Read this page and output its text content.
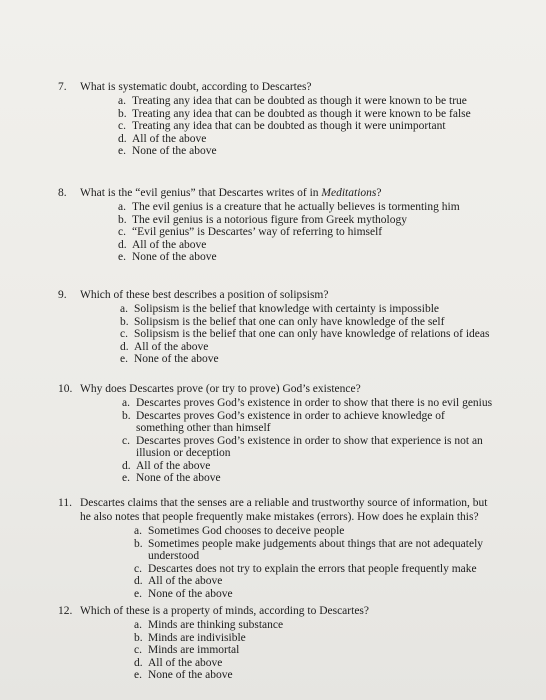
7.	What is systematic doubt, according to Descartes?
a. Treating any idea that can be doubted as though it were known to be true
b. Treating any idea that can be doubted as though it were known to be false
c. Treating any idea that can be doubted as though it were unimportant
d. All of the above
e. None of the above
8.	What is the “evil genius” that Descartes writes of in Meditations?
a. The evil genius is a creature that he actually believes is tormenting him
b. The evil genius is a notorious figure from Greek mythology
c. “Evil genius” is Descartes’ way of referring to himself
d. All of the above
e. None of the above
9.	Which of these best describes a position of solipsism?
a. Solipsism is the belief that knowledge with certainty is impossible
b. Solipsism is the belief that one can only have knowledge of the self
c. Solipsism is the belief that one can only have knowledge of relations of ideas
d. All of the above
e. None of the above
10. Why does Descartes prove (or try to prove) God’s existence?
a. Descartes proves God’s existence in order to show that there is no evil genius
b. Descartes proves God’s existence in order to achieve knowledge of something other than himself
c. Descartes proves God’s existence in order to show that experience is not an illusion or deception
d. All of the above
e. None of the above
11. Descartes claims that the senses are a reliable and trustworthy source of information, but he also notes that people frequently make mistakes (errors). How does he explain this?
a. Sometimes God chooses to deceive people
b. Sometimes people make judgements about things that are not adequately understood
c. Descartes does not try to explain the errors that people frequently make
d. All of the above
e. None of the above
12. Which of these is a property of minds, according to Descartes?
a. Minds are thinking substance
b. Minds are indivisible
c. Minds are immortal
d. All of the above
e. None of the above
